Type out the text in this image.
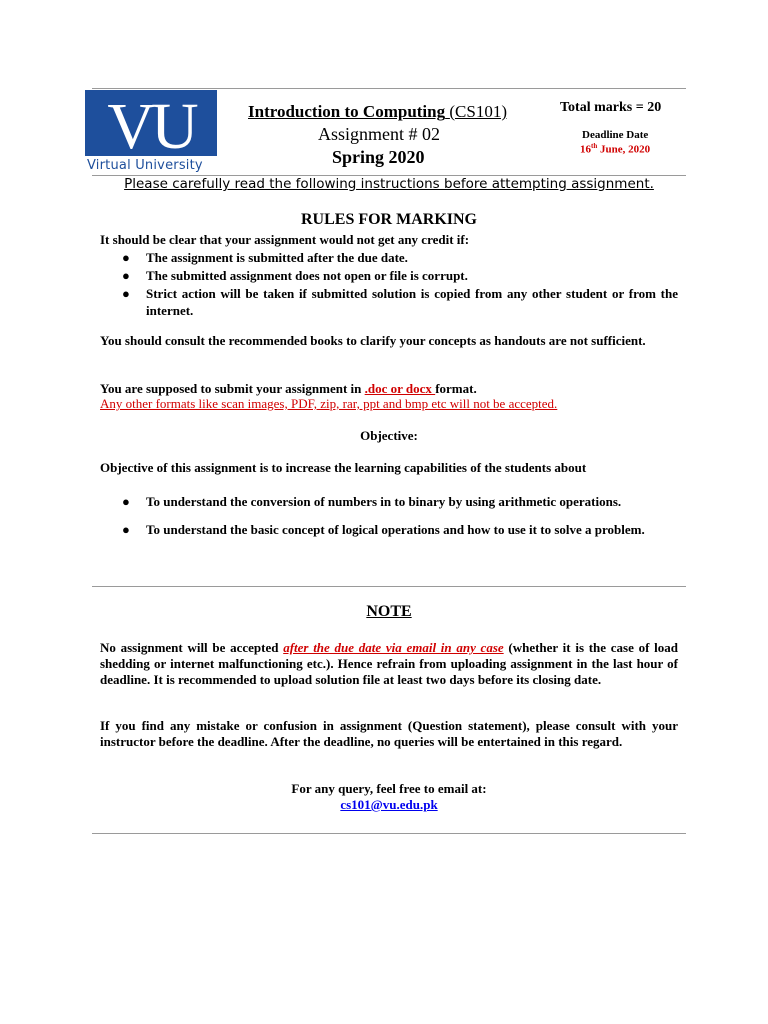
VU
Virtual University
Introduction to Computing (CS101)
Assignment # 02
Spring 2020
Total marks = 20
Deadline Date
16th June, 2020
Please carefully read the following instructions before attempting assignment.
RULES FOR MARKING
It should be clear that your assignment would not get any credit if:
● The assignment is submitted after the due date.
● The submitted assignment does not open or file is corrupt.
● Strict action will be taken if submitted solution is copied from any other student or from the internet.
You should consult the recommended books to clarify your concepts as handouts are not sufficient.
You are supposed to submit your assignment in .doc or docx format.
Any other formats like scan images, PDF, zip, rar, ppt and bmp etc will not be accepted.
Objective:
Objective of this assignment is to increase the learning capabilities of the students about
● To understand the conversion of numbers in to binary by using arithmetic operations.
● To understand the basic concept of logical operations and how to use it to solve a problem.
NOTE
No assignment will be accepted after the due date via email in any case (whether it is the case of load shedding or internet malfunctioning etc.). Hence refrain from uploading assignment in the last hour of deadline. It is recommended to upload solution file at least two days before its closing date.
If you find any mistake or confusion in assignment (Question statement), please consult with your instructor before the deadline. After the deadline, no queries will be entertained in this regard.
For any query, feel free to email at:
cs101@vu.edu.pk
